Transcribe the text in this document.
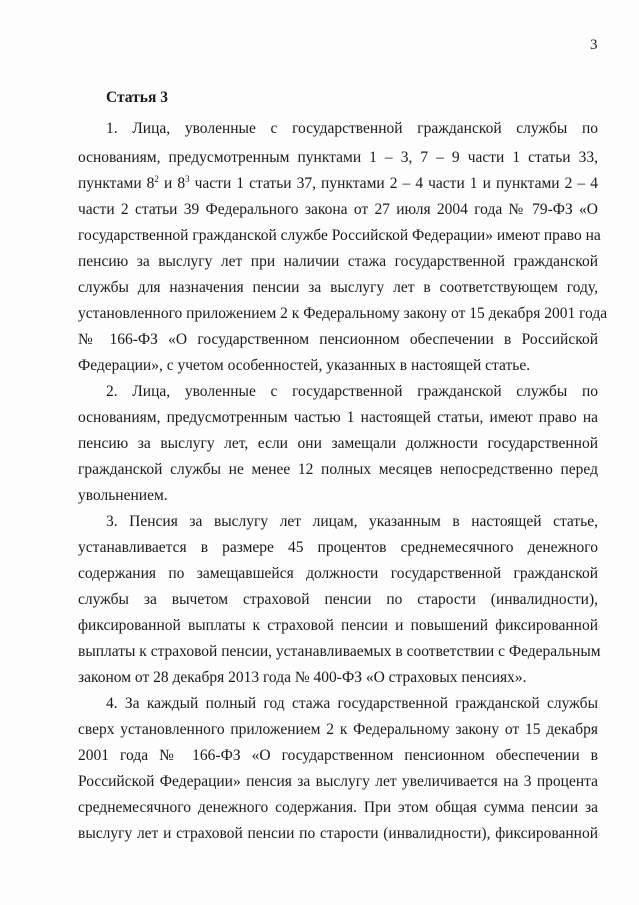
3
Статья 3
1. Лица, уволенные с государственной гражданской службы по
основаниям, предусмотренным пунктами 1 – 3, 7 – 9 части 1 статьи 33,
пунктами $8^2$ и $8^3$ части 1 статьи 37, пунктами 2 – 4 части 1 и пунктами 2 – 4
части 2 статьи 39 Федерального закона от 27 июля 2004 года № 79-ФЗ «О
государственной гражданской службе Российской Федерации» имеют право на
пенсию за выслугу лет при наличии стажа государственной гражданской
службы для назначения пенсии за выслугу лет в соответствующем году,
установленного приложением 2 к Федеральному закону от 15 декабря 2001 года
№ 166-ФЗ «О государственном пенсионном обеспечении в Российской
Федерации», с учетом особенностей, указанных в настоящей статье.
2. Лица, уволенные с государственной гражданской службы по
основаниям, предусмотренным частью 1 настоящей статьи, имеют право на
пенсию за выслугу лет, если они замещали должности государственной
гражданской службы не менее 12 полных месяцев непосредственно перед
увольнением.
3. Пенсия за выслугу лет лицам, указанным в настоящей статье,
устанавливается в размере 45 процентов среднемесячного денежного
содержания по замещавшейся должности государственной гражданской
службы за вычетом страховой пенсии по старости (инвалидности),
фиксированной выплаты к страховой пенсии и повышений фиксированной
выплаты к страховой пенсии, устанавливаемых в соответствии с Федеральным
законом от 28 декабря 2013 года № 400-ФЗ «О страховых пенсиях».
4. За каждый полный год стажа государственной гражданской службы
сверх установленного приложением 2 к Федеральному закону от 15 декабря
2001 года № 166-ФЗ «О государственном пенсионном обеспечении в
Российской Федерации» пенсия за выслугу лет увеличивается на 3 процента
среднемесячного денежного содержания. При этом общая сумма пенсии за
выслугу лет и страховой пенсии по старости (инвалидности), фиксированной
